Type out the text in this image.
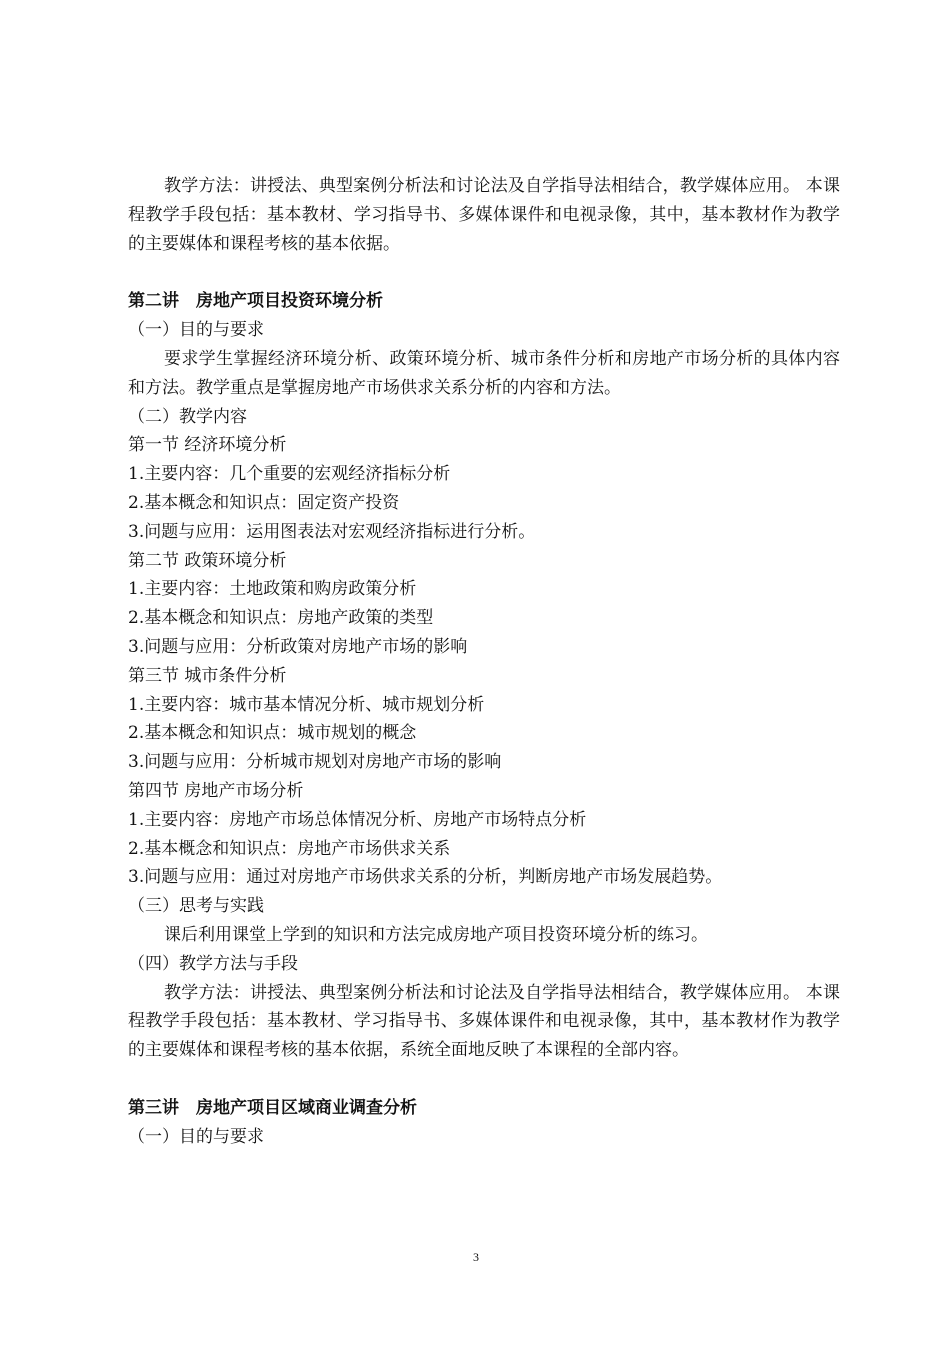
教学方法：讲授法、典型案例分析法和讨论法及自学指导法相结合，教学媒体应用。 本课程教学手段包括：基本教材、学习指导书、多媒体课件和电视录像，其中，基本教材作为教学的主要媒体和课程考核的基本依据。

第二讲　房地产项目投资环境分析
（一）目的与要求

要求学生掌握经济环境分析、政策环境分析、城市条件分析和房地产市场分析的具体内容和方法。教学重点是掌握房地产市场供求关系分析的内容和方法。

（二）教学内容
第一节 经济环境分析
1.主要内容：几个重要的宏观经济指标分析
2.基本概念和知识点：固定资产投资
3.问题与应用：运用图表法对宏观经济指标进行分析。
第二节 政策环境分析
1.主要内容：土地政策和购房政策分析
2.基本概念和知识点：房地产政策的类型
3.问题与应用：分析政策对房地产市场的影响
第三节 城市条件分析
1.主要内容：城市基本情况分析、城市规划分析
2.基本概念和知识点：城市规划的概念
3.问题与应用：分析城市规划对房地产市场的影响
第四节 房地产市场分析
1.主要内容：房地产市场总体情况分析、房地产市场特点分析
2.基本概念和知识点：房地产市场供求关系
3.问题与应用：通过对房地产市场供求关系的分析，判断房地产市场发展趋势。
（三）思考与实践

课后利用课堂上学到的知识和方法完成房地产项目投资环境分析的练习。

（四）教学方法与手段

教学方法：讲授法、典型案例分析法和讨论法及自学指导法相结合，教学媒体应用。 本课程教学手段包括：基本教材、学习指导书、多媒体课件和电视录像，其中，基本教材作为教学的主要媒体和课程考核的基本依据，系统全面地反映了本课程的全部内容。

第三讲　房地产项目区域商业调查分析
（一）目的与要求
3
